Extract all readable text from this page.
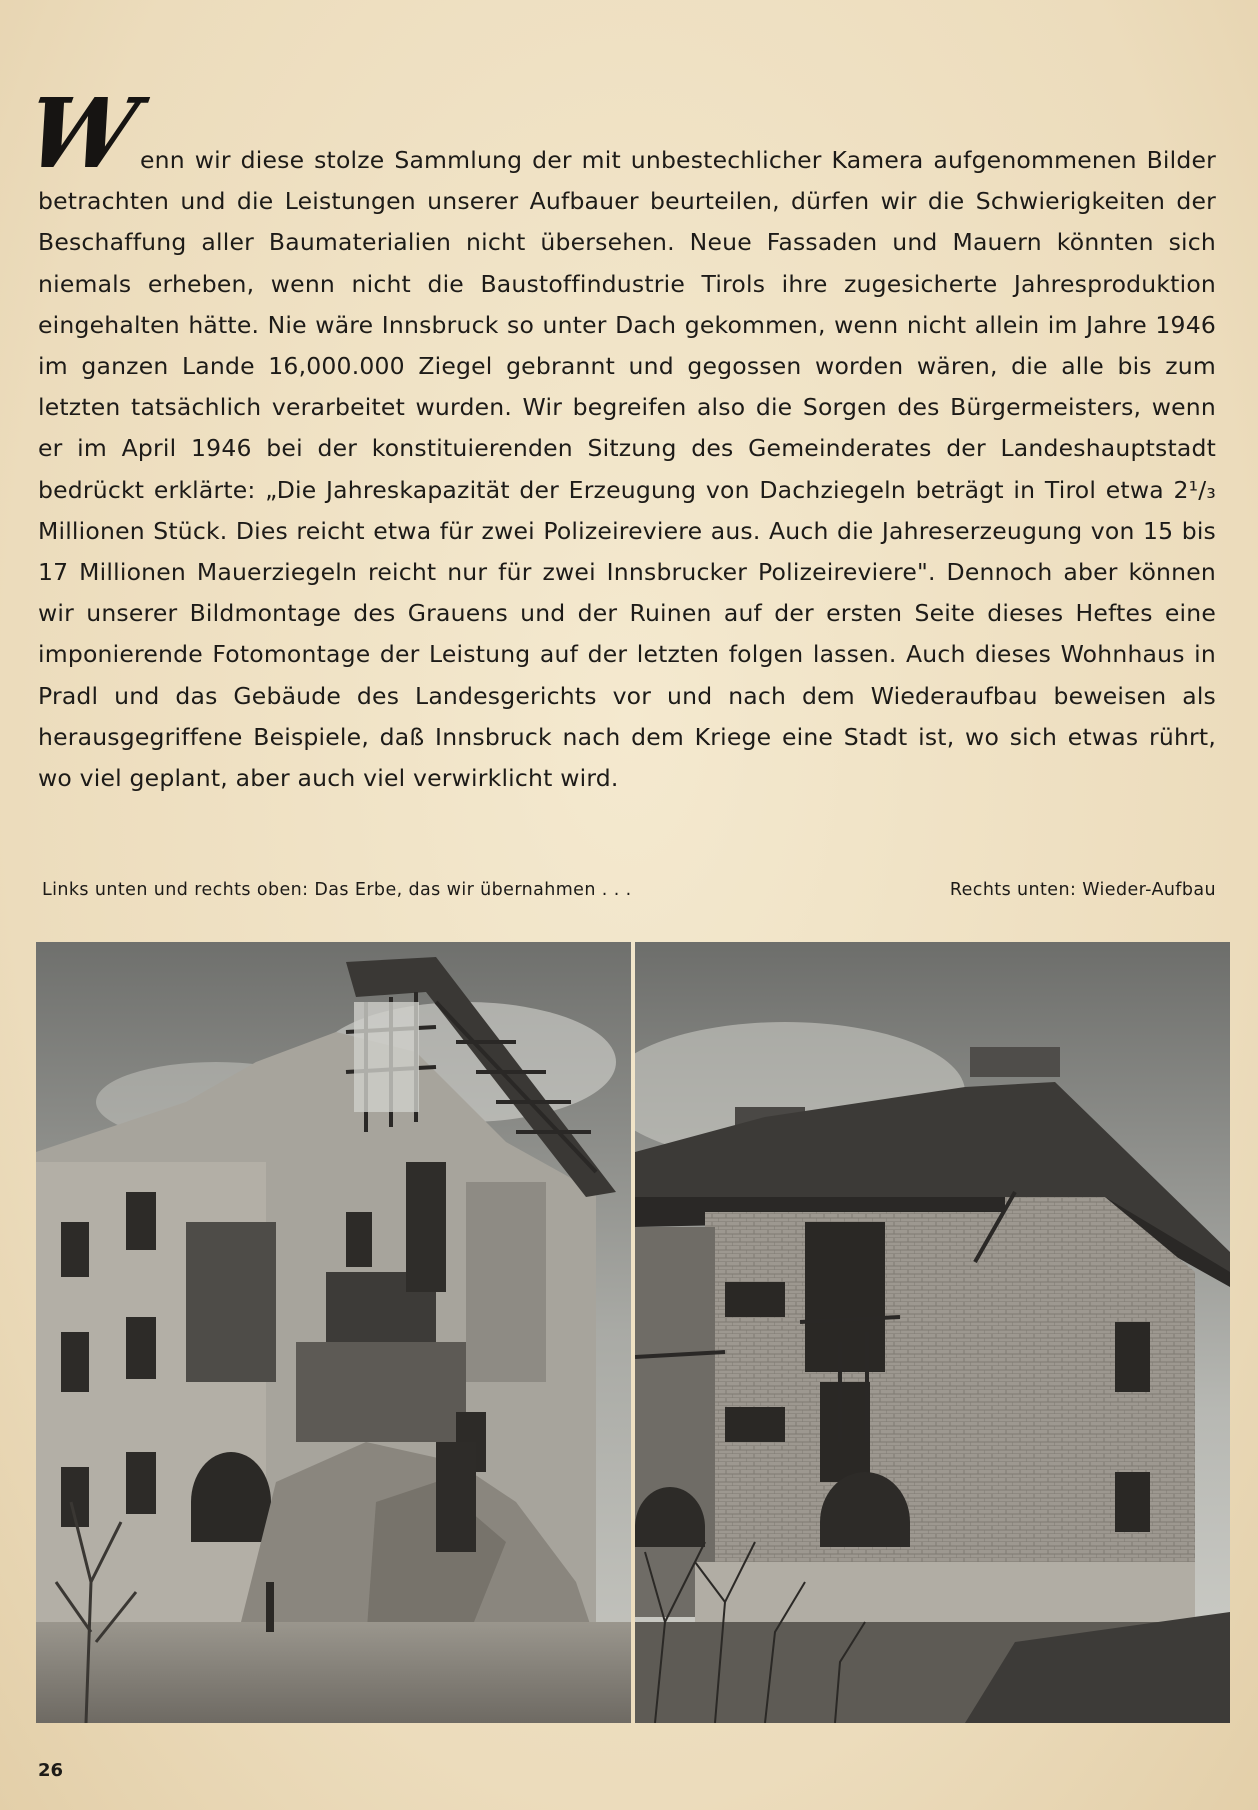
W
enn wir diese stolze Sammlung der mit unbestechlicher Kamera aufgenommenen Bilder betrachten und die Leistungen unserer Aufbauer beurteilen, dürfen wir die Schwierigkeiten der Beschaffung aller Baumaterialien nicht übersehen. Neue Fassaden und Mauern könnten sich niemals erheben, wenn nicht die Baustoffindustrie Tirols ihre zugesicherte Jahresproduktion eingehalten hätte. Nie wäre Innsbruck so unter Dach gekommen, wenn nicht allein im Jahre 1946 im ganzen Lande 16,000.000 Ziegel gebrannt und gegossen worden wären, die alle bis zum letzten tatsächlich verarbeitet wurden. Wir begreifen also die Sorgen des Bürgermeisters, wenn er im April 1946 bei der konstituierenden Sitzung des Gemeinderates der Landeshauptstadt bedrückt erklärte: „Die Jahreskapazität der Erzeugung von Dachziegeln beträgt in Tirol etwa 2¹/₃ Millionen Stück. Dies reicht etwa für zwei Polizeireviere aus. Auch die Jahreserzeugung von 15 bis 17 Millionen Mauerziegeln reicht nur für zwei Innsbrucker Polizeireviere". Dennoch aber können wir unserer Bildmontage des Grauens und der Ruinen auf der ersten Seite dieses Heftes eine imponierende Fotomontage der Leistung auf der letzten folgen lassen. Auch dieses Wohnhaus in Pradl und das Gebäude des Landesgerichts vor und nach dem Wiederaufbau beweisen als herausgegriffene Beispiele, daß Innsbruck nach dem Kriege eine Stadt ist, wo sich etwas rührt, wo viel geplant, aber auch viel verwirklicht wird.
Links unten und rechts oben: Das Erbe, das wir übernahmen . . .	Rechts unten: Wieder-Aufbau
26
